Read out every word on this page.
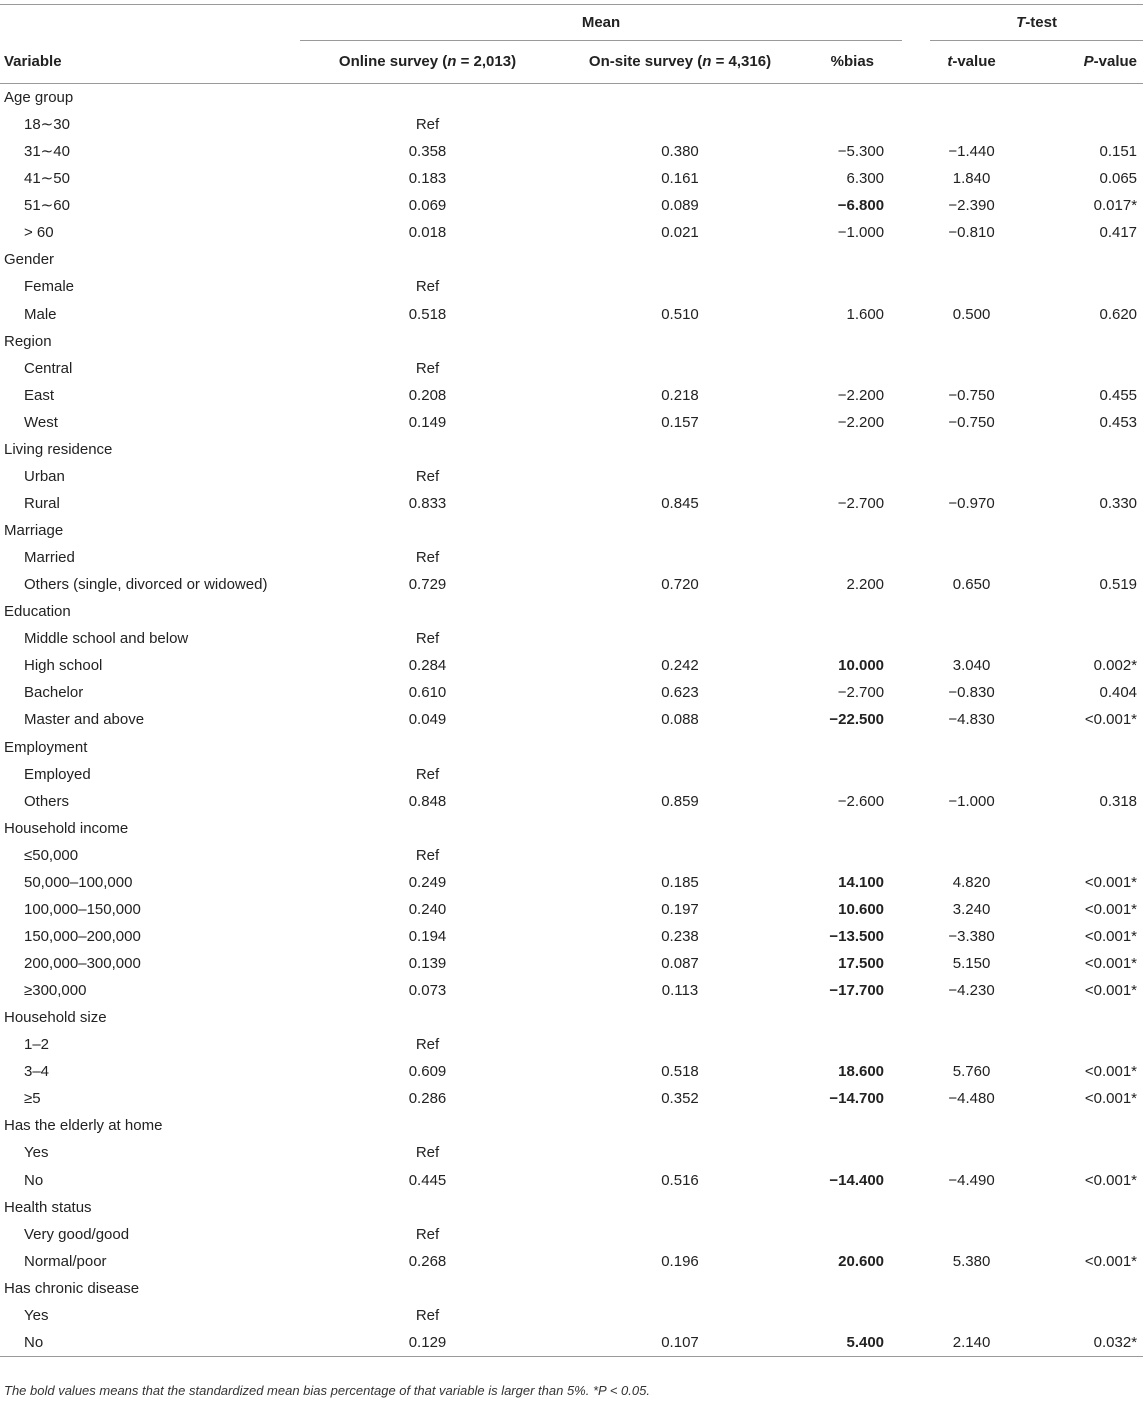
	Mean			T-test	

Variable	Online survey (n = 2,013)	On-site survey (n = 4,316)	%bias	t-value	P-value
Age group					
18∼30	Ref				
31∼40	0.358	0.380	−5.300	−1.440	0.151
41∼50	0.183	0.161	6.300	1.840	0.065
51∼60	0.069	0.089	−6.800	−2.390	0.017*
> 60	0.018	0.021	−1.000	−0.810	0.417
Gender					
Female	Ref				
Male	0.518	0.510	1.600	0.500	0.620
Region					
Central	Ref				
East	0.208	0.218	−2.200	−0.750	0.455
West	0.149	0.157	−2.200	−0.750	0.453
Living residence					
Urban	Ref				
Rural	0.833	0.845	−2.700	−0.970	0.330
Marriage					
Married	Ref				
Others (single, divorced or widowed)	0.729	0.720	2.200	0.650	0.519
Education					
Middle school and below	Ref				
High school	0.284	0.242	10.000	3.040	0.002*
Bachelor	0.610	0.623	−2.700	−0.830	0.404
Master and above	0.049	0.088	−22.500	−4.830	<0.001*
Employment					
Employed	Ref				
Others	0.848	0.859	−2.600	−1.000	0.318
Household income					
≤50,000	Ref				
50,000–100,000	0.249	0.185	14.100	4.820	<0.001*
100,000–150,000	0.240	0.197	10.600	3.240	<0.001*
150,000–200,000	0.194	0.238	−13.500	−3.380	<0.001*
200,000–300,000	0.139	0.087	17.500	5.150	<0.001*
≥300,000	0.073	0.113	−17.700	−4.230	<0.001*
Household size					
1–2	Ref				
3–4	0.609	0.518	18.600	5.760	<0.001*
≥5	0.286	0.352	−14.700	−4.480	<0.001*
Has the elderly at home					
Yes	Ref				
No	0.445	0.516	−14.400	−4.490	<0.001*
Health status					
Very good/good	Ref				
Normal/poor	0.268	0.196	20.600	5.380	<0.001*
Has chronic disease					
Yes	Ref				
No	0.129	0.107	5.400	2.140	0.032*
The bold values means that the standardized mean bias percentage of that variable is larger than 5%. *P < 0.05.
